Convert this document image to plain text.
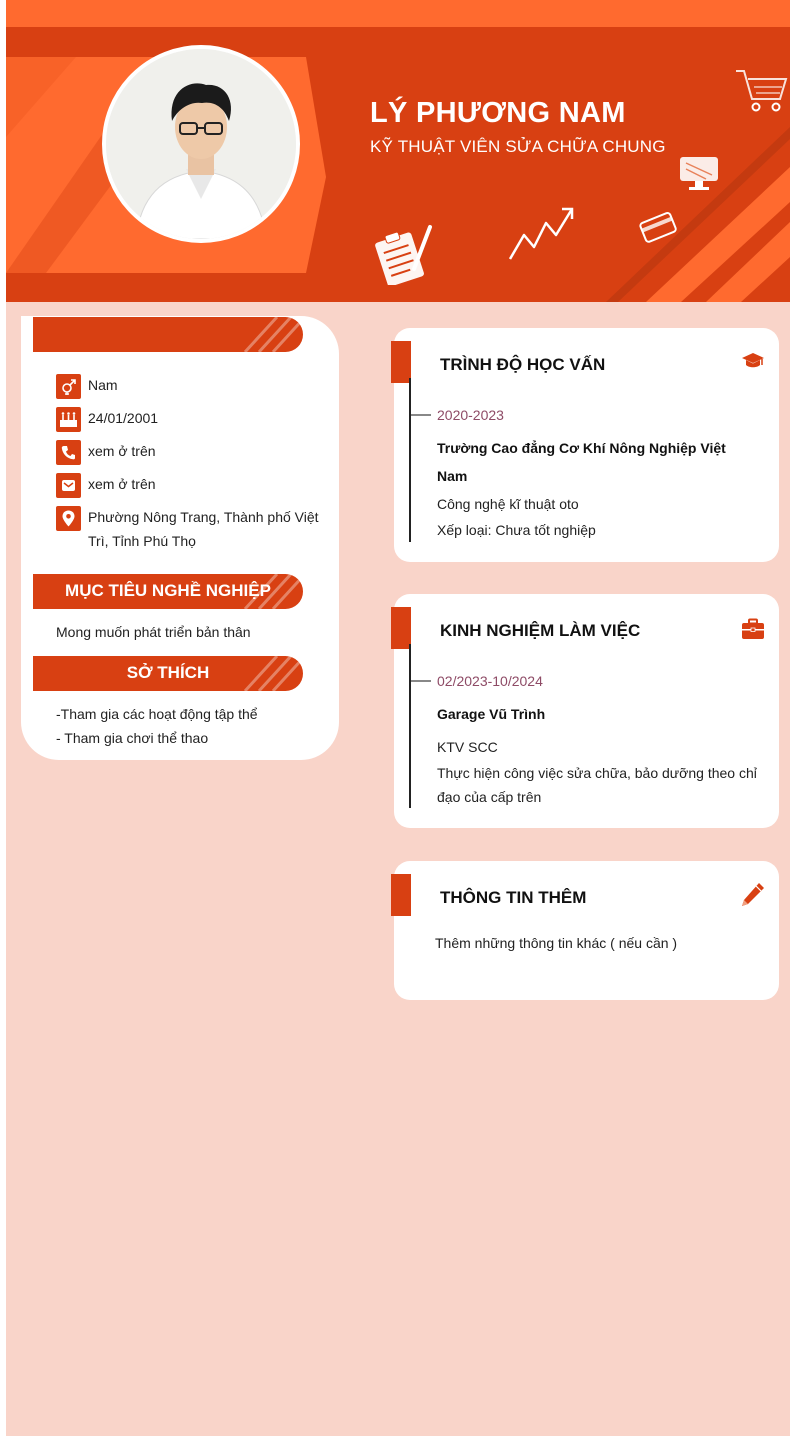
LÝ PHƯƠNG NAM
KỸ THUẬT VIÊN SỬA CHỮA CHUNG
Nam
24/01/2001
xem ở trên
xem ở trên
Phường Nông Trang, Thành phố Việt Trì, Tỉnh Phú Thọ
MỤC TIÊU NGHỀ NGHIỆP
Mong muốn phát triển bản thân
SỞ THÍCH
-Tham gia các hoạt động tập thể
- Tham gia chơi thể thao
TRÌNH ĐỘ HỌC VẤN
2020-2023
Trường Cao đẳng Cơ Khí Nông Nghiệp Việt Nam
Công nghệ kĩ thuật oto
Xếp loại: Chưa tốt nghiệp
KINH NGHIỆM LÀM VIỆC
02/2023-10/2024
Garage Vũ Trình
KTV SCC
Thực hiện công việc sửa chữa, bảo dưỡng theo chỉ đạo của cấp trên
THÔNG TIN THÊM
Thêm những thông tin khác ( nếu cần )
